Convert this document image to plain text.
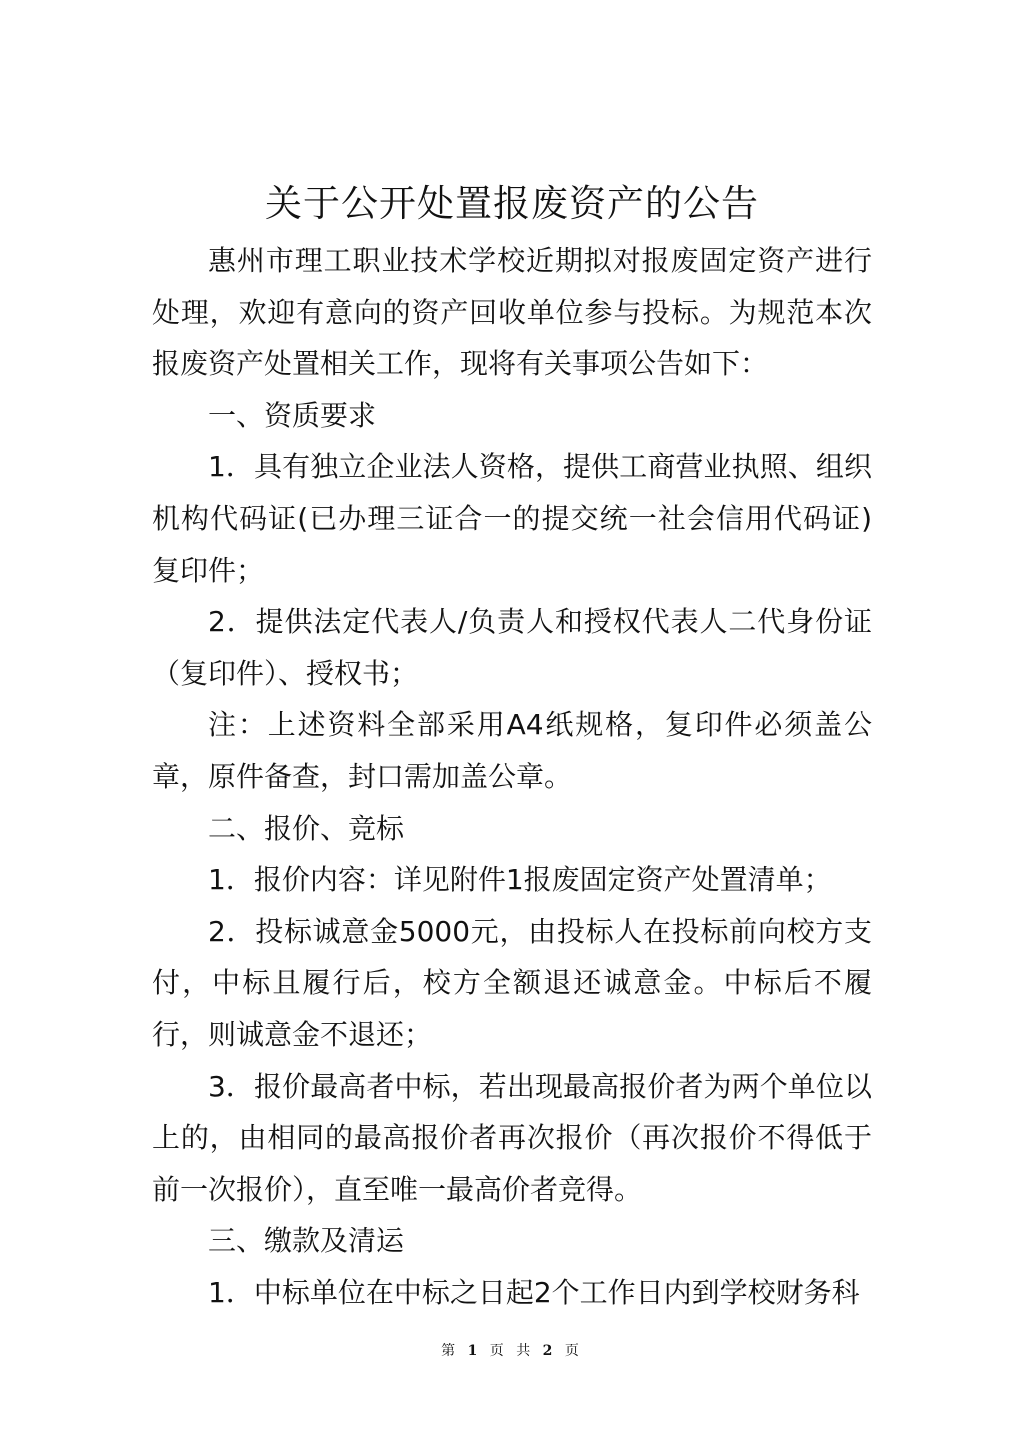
关于公开处置报废资产的公告

惠州市理工职业技术学校近期拟对报废固定资产进行处理，欢迎有意向的资产回收单位参与投标。为规范本次报废资产处置相关工作，现将有关事项公告如下：

一、资质要求

1．具有独立企业法人资格，提供工商营业执照、组织机构代码证(已办理三证合一的提交统一社会信用代码证)复印件；

2．提供法定代表人/负责人和授权代表人二代身份证（复印件）、授权书；

注：上述资料全部采用A4纸规格，复印件必须盖公章，原件备查，封口需加盖公章。

二、报价、竞标

1．报价内容：详见附件1报废固定资产处置清单；

2．投标诚意金5000元，由投标人在投标前向校方支付，中标且履行后，校方全额退还诚意金。中标后不履行，则诚意金不退还；

3．报价最高者中标，若出现最高报价者为两个单位以上的，由相同的最高报价者再次报价（再次报价不得低于前一次报价），直至唯一最高价者竞得。

三、缴款及清运

1．中标单位在中标之日起2个工作日内到学校财务科

第 1 页 共 2 页
